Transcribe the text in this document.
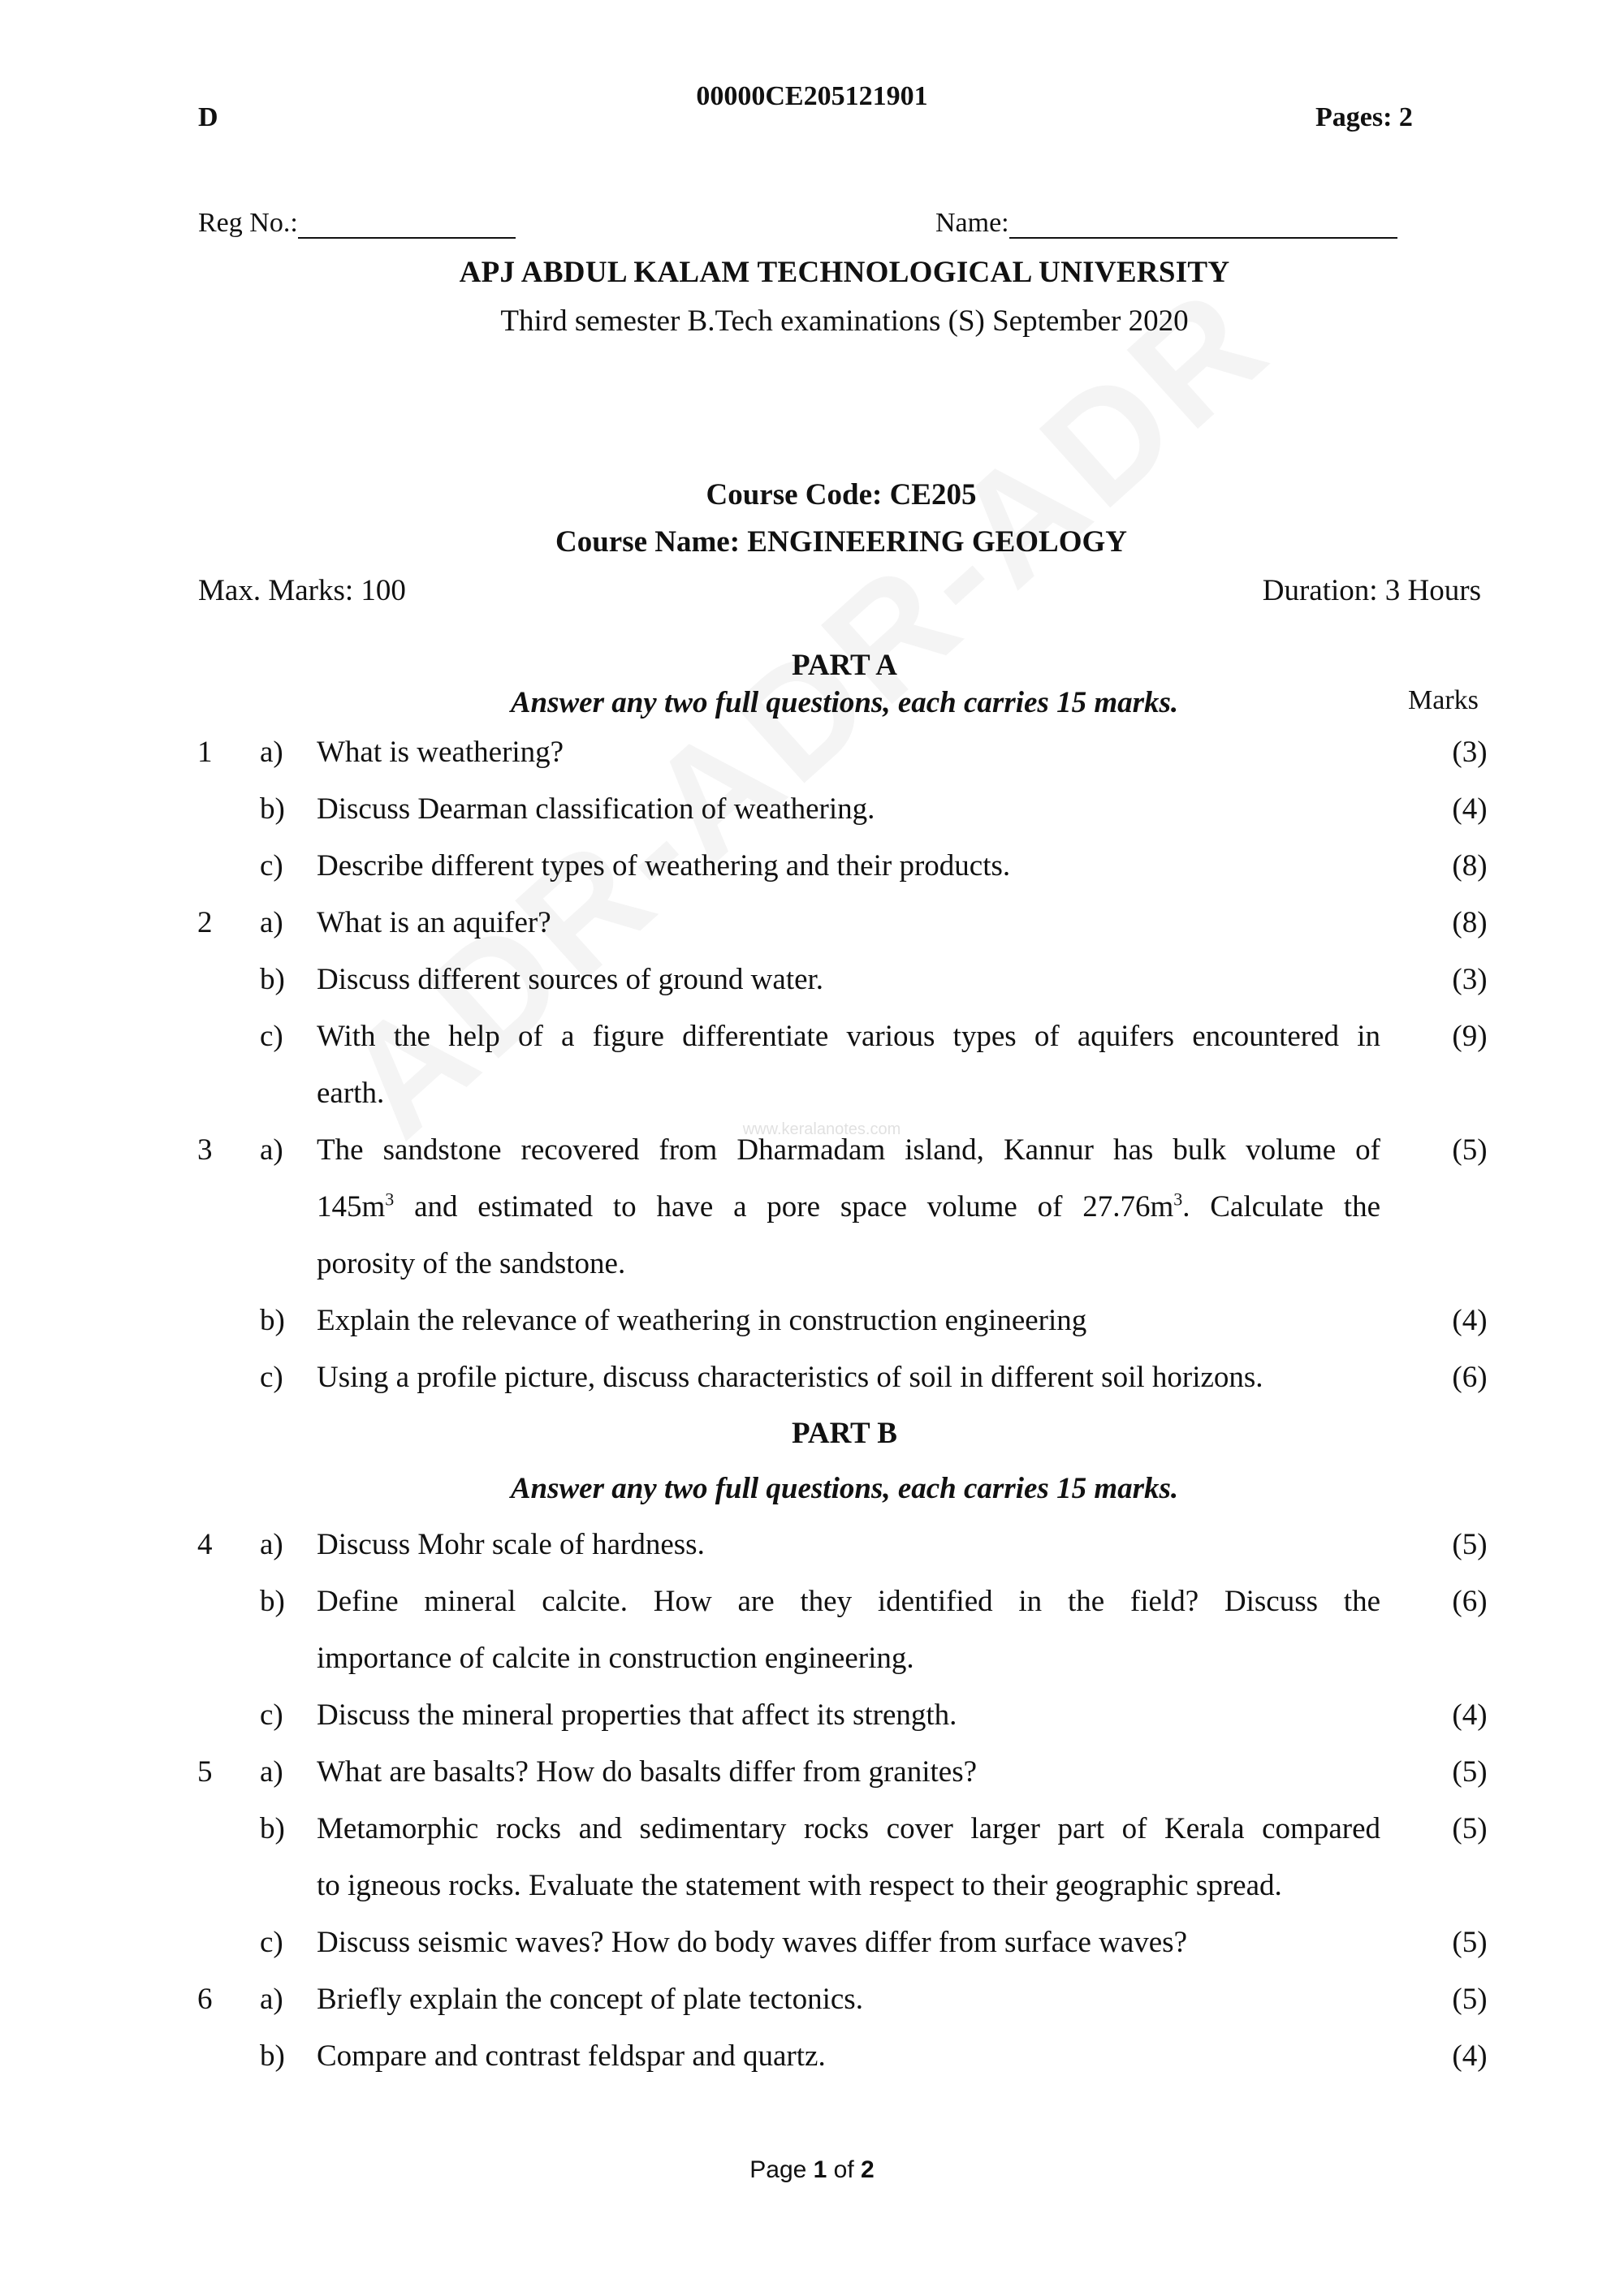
www.keralanotes.com
00000CE205121901
D	Pages: 2
Reg No.:	Name:
APJ ABDUL KALAM TECHNOLOGICAL UNIVERSITY
Third semester B.Tech examinations (S) September 2020
Course Code: CE205
Course Name: ENGINEERING GEOLOGY
Max. Marks: 100	Duration: 3 Hours
PART A
Answer any two full questions, each carries 15 marks.	Marks
1 a) What is weathering?	(3)
b) Discuss Dearman classification of weathering.	(4)
c) Describe different types of weathering and their products.	(8)
2 a) What is an aquifer?	(8)
b) Discuss different sources of ground water.	(3)
c) With the help of a figure differentiate various types of aquifers encountered in	(9)
earth.
3 a) The sandstone recovered from Dharmadam island, Kannur has bulk volume of	(5)
$145m^3$ and estimated to have a pore space volume of $27.76m^3$. Calculate the
porosity of the sandstone.
b) Explain the relevance of weathering in construction engineering	(4)
c) Using a profile picture, discuss characteristics of soil in different soil horizons.	(6)
PART B
Answer any two full questions, each carries 15 marks.
4 a) Discuss Mohr scale of hardness.	(5)
b) Define mineral calcite. How are they identified in the field? Discuss the	(6)
importance of calcite in construction engineering.
c) Discuss the mineral properties that affect its strength.	(4)
5 a) What are basalts? How do basalts differ from granites?	(5)
b) Metamorphic rocks and sedimentary rocks cover larger part of Kerala compared	(5)
to igneous rocks. Evaluate the statement with respect to their geographic spread.
c) Discuss seismic waves? How do body waves differ from surface waves?	(5)
6 a) Briefly explain the concept of plate tectonics.	(5)
b) Compare and contrast feldspar and quartz.	(4)
Page 1 of 2
